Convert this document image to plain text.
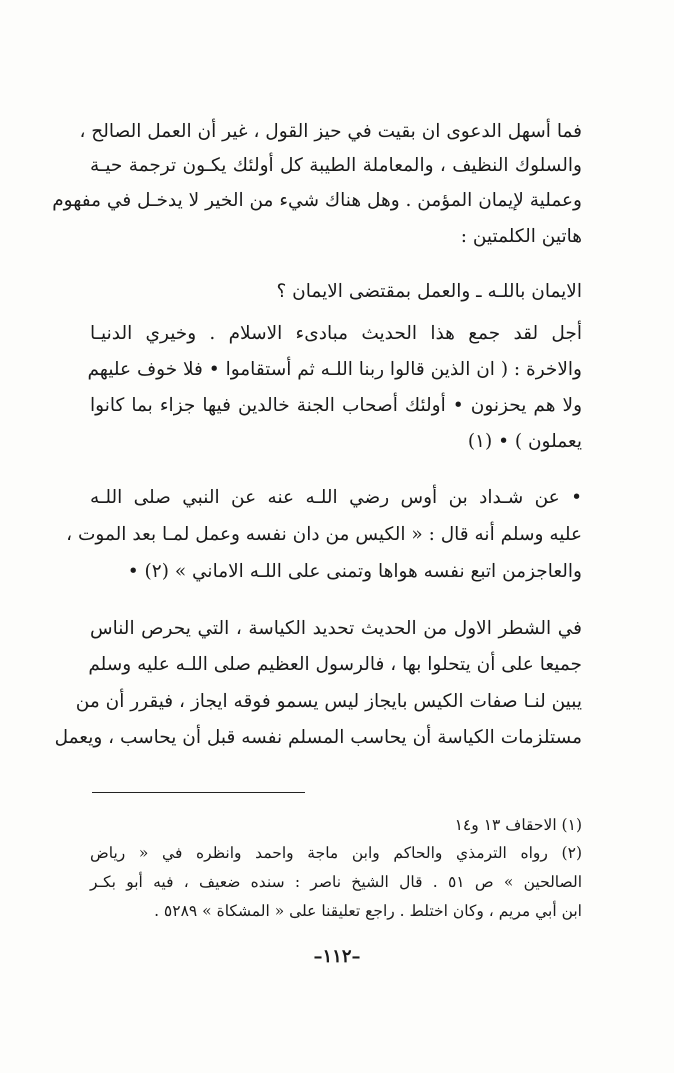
فما أسهل الدعوى ان بقيت في حيز القول ، غير أن العمل الصالح ،
والسلوك النظيف ، والمعاملة الطيبة كل أولئك يكـون ترجمة حيـة
وعملية لإيمان المؤمن . وهل هناك شيء من الخير لا يدخـل في مفهوم
هاتين الكلمتين :
الايمان باللـه ـ والعمل بمقتضى الايمان ؟
أجل لقد جمع هذا الحديث مبادىء الاسلام . وخيري الدنيـا
والاخرة : ( ان الذين قالوا ربنا اللـه ثم أستقاموا • فلا خوف عليهم
ولا هم يحزنون • أولئك أصحاب الجنة خالدين فيها جزاء بما كانوا
يعملون ) • (١)
• عن شـداد بن أوس رضي اللـه عنه عن النبي صلى اللـه
عليه وسلم أنه قال : « الكيس من دان نفسه وعمل لمـا بعد الموت ،
والعاجزمن اتبع نفسه هواها وتمنى على اللـه الاماني » (٢) •
في الشطر الاول من الحديث تحديد الكياسة ، التي يحرص الناس
جميعا على أن يتحلوا بها ، فالرسول العظيم صلى اللـه عليه وسلم
يبين لنـا صفات الكيس بايجاز ليس يسمو فوقه ايجاز ، فيقرر أن من
مستلزمات الكياسة أن يحاسب المسلم نفسه قبل أن يحاسب ، ويعمل
(١) الاحقاف ١٣ و١٤
(٢) رواه الترمذي والحاكم وابن ماجة واحمد وانظره في « رياض
الصالحين » ص ٥١ . قال الشيخ ناصر : سنده ضعيف ، فيه أبو بكـر
ابن أبي مريم ، وكان اختلط . راجع تعليقنا على « المشكاة » ٥٢٨٩ .
–١١٢–
